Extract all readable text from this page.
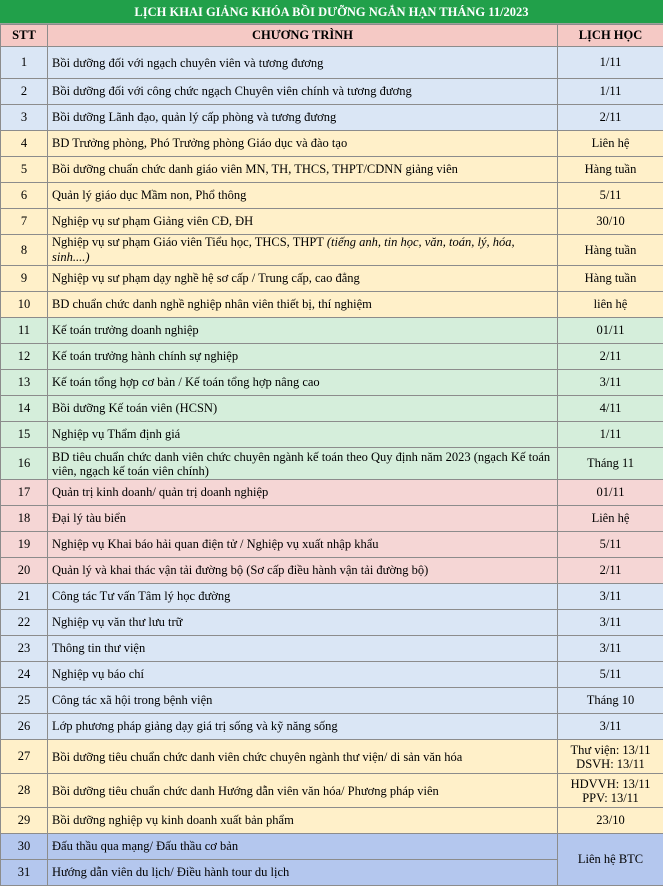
LỊCH KHAI GIẢNG KHÓA BỒI DƯỠNG NGẮN HẠN THÁNG 11/2023
STT	CHƯƠNG TRÌNH	LỊCH HỌC
1	Bồi dưỡng đối với ngạch chuyên viên và tương đương	1/11

2	Bồi dưỡng đối với công chức ngạch Chuyên viên chính và tương đương	1/11

3	Bồi dưỡng Lãnh đạo, quản lý cấp phòng và tương đương	2/11

4	BD Trưởng phòng, Phó Trưởng phòng Giáo dục và đào tạo	Liên hệ

5	Bồi dưỡng chuẩn chức danh giáo viên MN, TH, THCS, THPT/CDNN giảng viên	Hàng tuần

6	Quản lý giáo dục Mầm non, Phổ thông	5/11

7	Nghiệp vụ sư phạm Giảng viên CĐ, ĐH	30/10

8	Nghiệp vụ sư phạm Giáo viên Tiểu học, THCS, THPT (tiếng anh, tin học, văn, toán, lý, hóa, sinh....)	Hàng tuần

9	Nghiệp vụ sư phạm dạy nghề hệ sơ cấp / Trung cấp, cao đẳng	Hàng tuần

10	BD chuẩn chức danh nghề nghiệp nhân viên thiết bị, thí nghiệm	liên hệ

11	Kế toán trưởng doanh nghiệp	01/11

12	Kế toán trưởng hành chính sự nghiệp	2/11

13	Kế toán tổng hợp cơ bản / Kế toán tổng hợp nâng cao	3/11

14	Bồi dưỡng Kế toán viên (HCSN)	4/11

15	Nghiệp vụ Thẩm định giá	1/11

16	BD tiêu chuẩn chức danh viên chức chuyên ngành kế toán theo Quy định năm 2023 (ngạch Kế toán viên, ngạch kế toán viên chính)	Tháng 11

17	Quản trị kinh doanh/ quản trị doanh nghiệp	01/11

18	Đại lý tàu biển	Liên hệ

19	Nghiệp vụ Khai báo hải quan điện tử / Nghiệp vụ xuất nhập khẩu	5/11

20	Quản lý và khai thác vận tải đường bộ (Sơ cấp điều hành vận tải đường bộ)	2/11

21	Công tác Tư vấn Tâm lý học đường	3/11

22	Nghiệp vụ văn thư lưu trữ	3/11

23	Thông tin thư viện	3/11

24	Nghiệp vụ báo chí	5/11

25	Công tác xã hội trong bệnh viện	Tháng 10

26	Lớp phương pháp giảng dạy giá trị sống và kỹ năng sống	3/11

27	Bồi dưỡng tiêu chuẩn chức danh viên chức chuyên ngành thư viện/ di sản văn hóa	Thư viện: 13/11
DSVH: 13/11

28	Bồi dưỡng tiêu chuẩn chức danh Hướng dẫn viên văn hóa/ Phương pháp viên	HDVVH: 13/11
PPV: 13/11

29	Bồi dưỡng nghiệp vụ kinh doanh xuất bản phẩm	23/10

30	Đấu thầu qua mạng/ Đấu thầu cơ bản	Liên hệ BTC

31	Hướng dẫn viên du lịch/ Điều hành tour du lịch	
